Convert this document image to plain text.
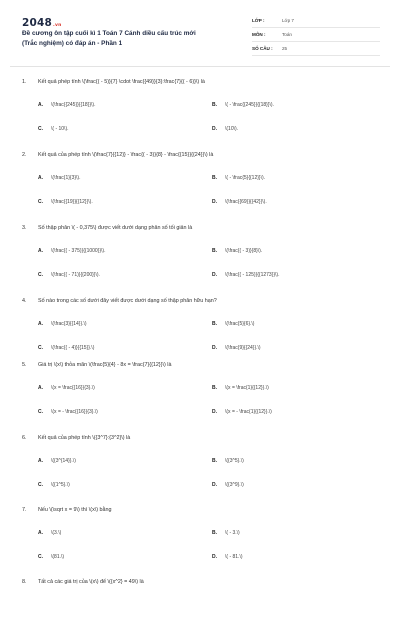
2048.vn
Đề cương ôn tập cuối kì 1 Toán 7 Cánh diều cấu trúc mới
(Trắc nghiệm) có đáp án - Phần 1
LỚP :	Lớp 7
MÔN :	Toán
SỐ CÂU :	25
1. Kết quả phép tính \(\frac{( - 5)}{7} \cdot \frac{{49}}{3}:\frac{7}{( - 6)}\) là
A. \(\frac{{245}}{{18}}\).	B. \( - \frac{{245}}{{18}}\).
C. \( - 10\).	D. \(10\).
2. Kết quả của phép tính \(\frac{7}{{12}} - \frac{( - 3)}{8} - \frac{{15}}{{24}}\) là
A. \(\frac{1}{3}\).	B. \( - \frac{5}{{12}}\).
C. \(\frac{{19}}{{12}}\).	D. \(\frac{{69}}{{42}}\).
3. Số thập phân \( - 0,375\) được viết dưới dạng phân số tối giản là
A. \(\frac{( - 375)}{{1000}}\).	B. \(\frac{( - 3)}{8}\).
C. \(\frac{( - 71)}{{200}}\).	D. \(\frac{( - 125)}{{1273}}\).
4. Số nào trong các số dưới đây viết được dưới dạng số thập phân hữu hạn?
A. \(\frac{3}{{14}}.\)	B. \(\frac{5}{6}.\)
C. \(\frac{( - 4)}{{15}}.\)	D. \(\frac{9}{{24}}.\)
5. Giá trị \(x\) thỏa mãn \(\frac{5}{4} - 8x = \frac{7}{{12}}\) là
A. \(x = \frac{{16}}{3}.\)	B. \(x = \frac{1}{{12}}.\)
C. \(x = - \frac{{16}}{3}.\)	D. \(x = - \frac{1}{{12}}.\)
6. Kết quả của phép tính \({3^7}:{3^2}\) là
A. \({3^{14}}.\)	B. \({3^5}.\)
C. \({1^5}.\)	D. \({3^9}.\)
7. Nếu \(\sqrt x = 9\) thì \(x\) bằng
A. \(3.\)	B. \( - 3.\)
C. \(81.\)	D. \( - 81.\)
8. Tất cả các giá trị của \(x\) để \({x^2} = 49\) là
